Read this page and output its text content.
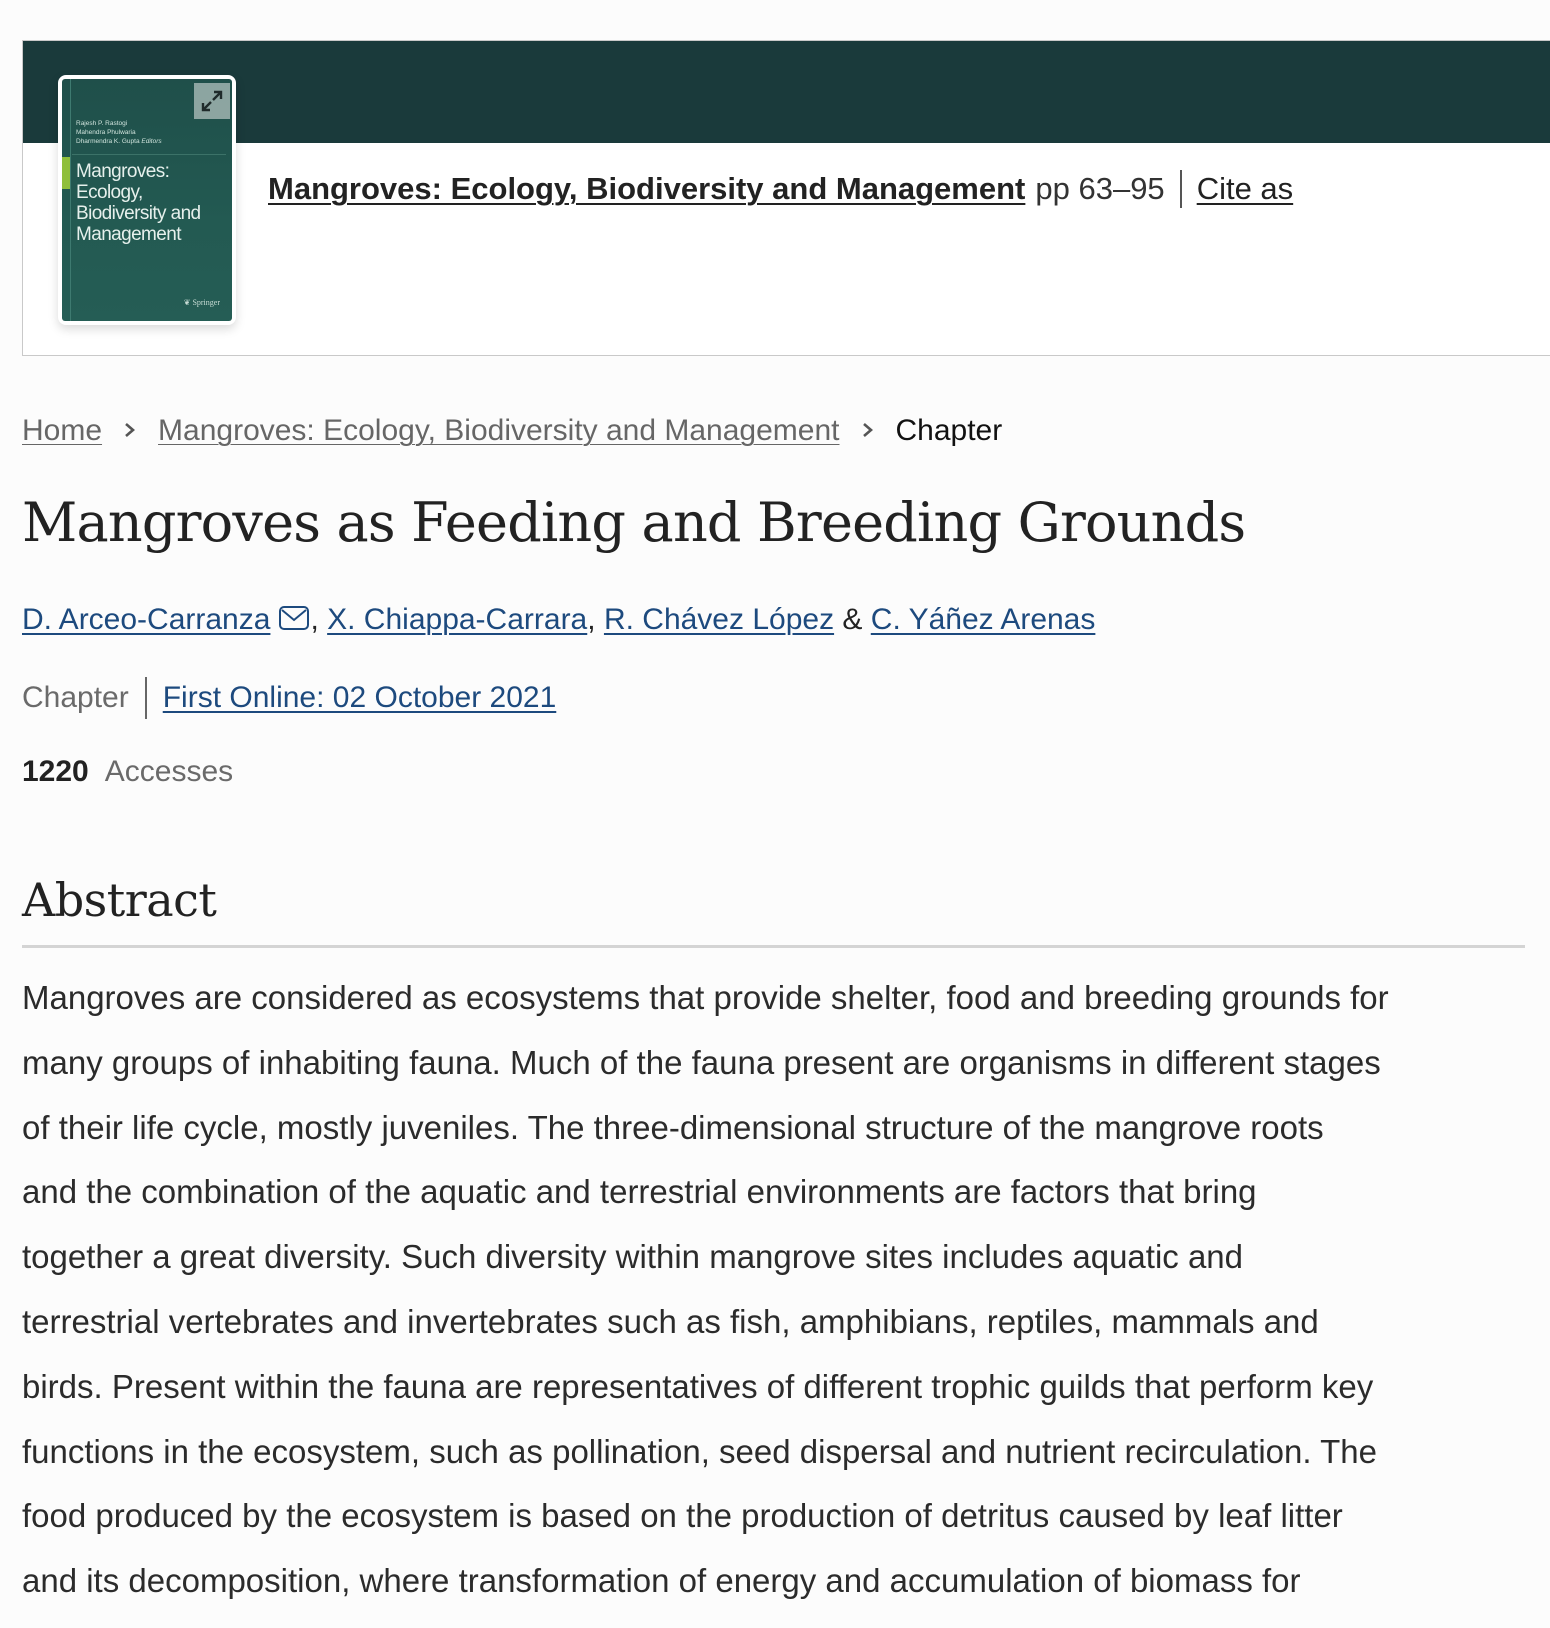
Rajesh P. Rastogi
Mahendra Phulwaria
Dharmendra K. Gupta Editors
Mangroves:
Ecology,
Biodiversity and
Management
❦ Springer
Mangroves: Ecology, Biodiversity and Management pp 63–95 Cite as
Home Mangroves: Ecology, Biodiversity and Management Chapter
Mangroves as Feeding and Breeding Grounds
D. Arceo-Carranza , X. Chiappa-Carrara, R. Chávez López & C. Yáñez Arenas
Chapter First Online: 02 October 2021
1220 Accesses
Abstract

Mangroves are considered as ecosystems that provide shelter, food and breeding grounds for
many groups of inhabiting fauna. Much of the fauna present are organisms in different stages
of their life cycle, mostly juveniles. The three-dimensional structure of the mangrove roots
and the combination of the aquatic and terrestrial environments are factors that bring
together a great diversity. Such diversity within mangrove sites includes aquatic and
terrestrial vertebrates and invertebrates such as fish, amphibians, reptiles, mammals and
birds. Present within the fauna are representatives of different trophic guilds that perform key
functions in the ecosystem, such as pollination, seed dispersal and nutrient recirculation. The
food produced by the ecosystem is based on the production of detritus caused by leaf litter
and its decomposition, where transformation of energy and accumulation of biomass for
